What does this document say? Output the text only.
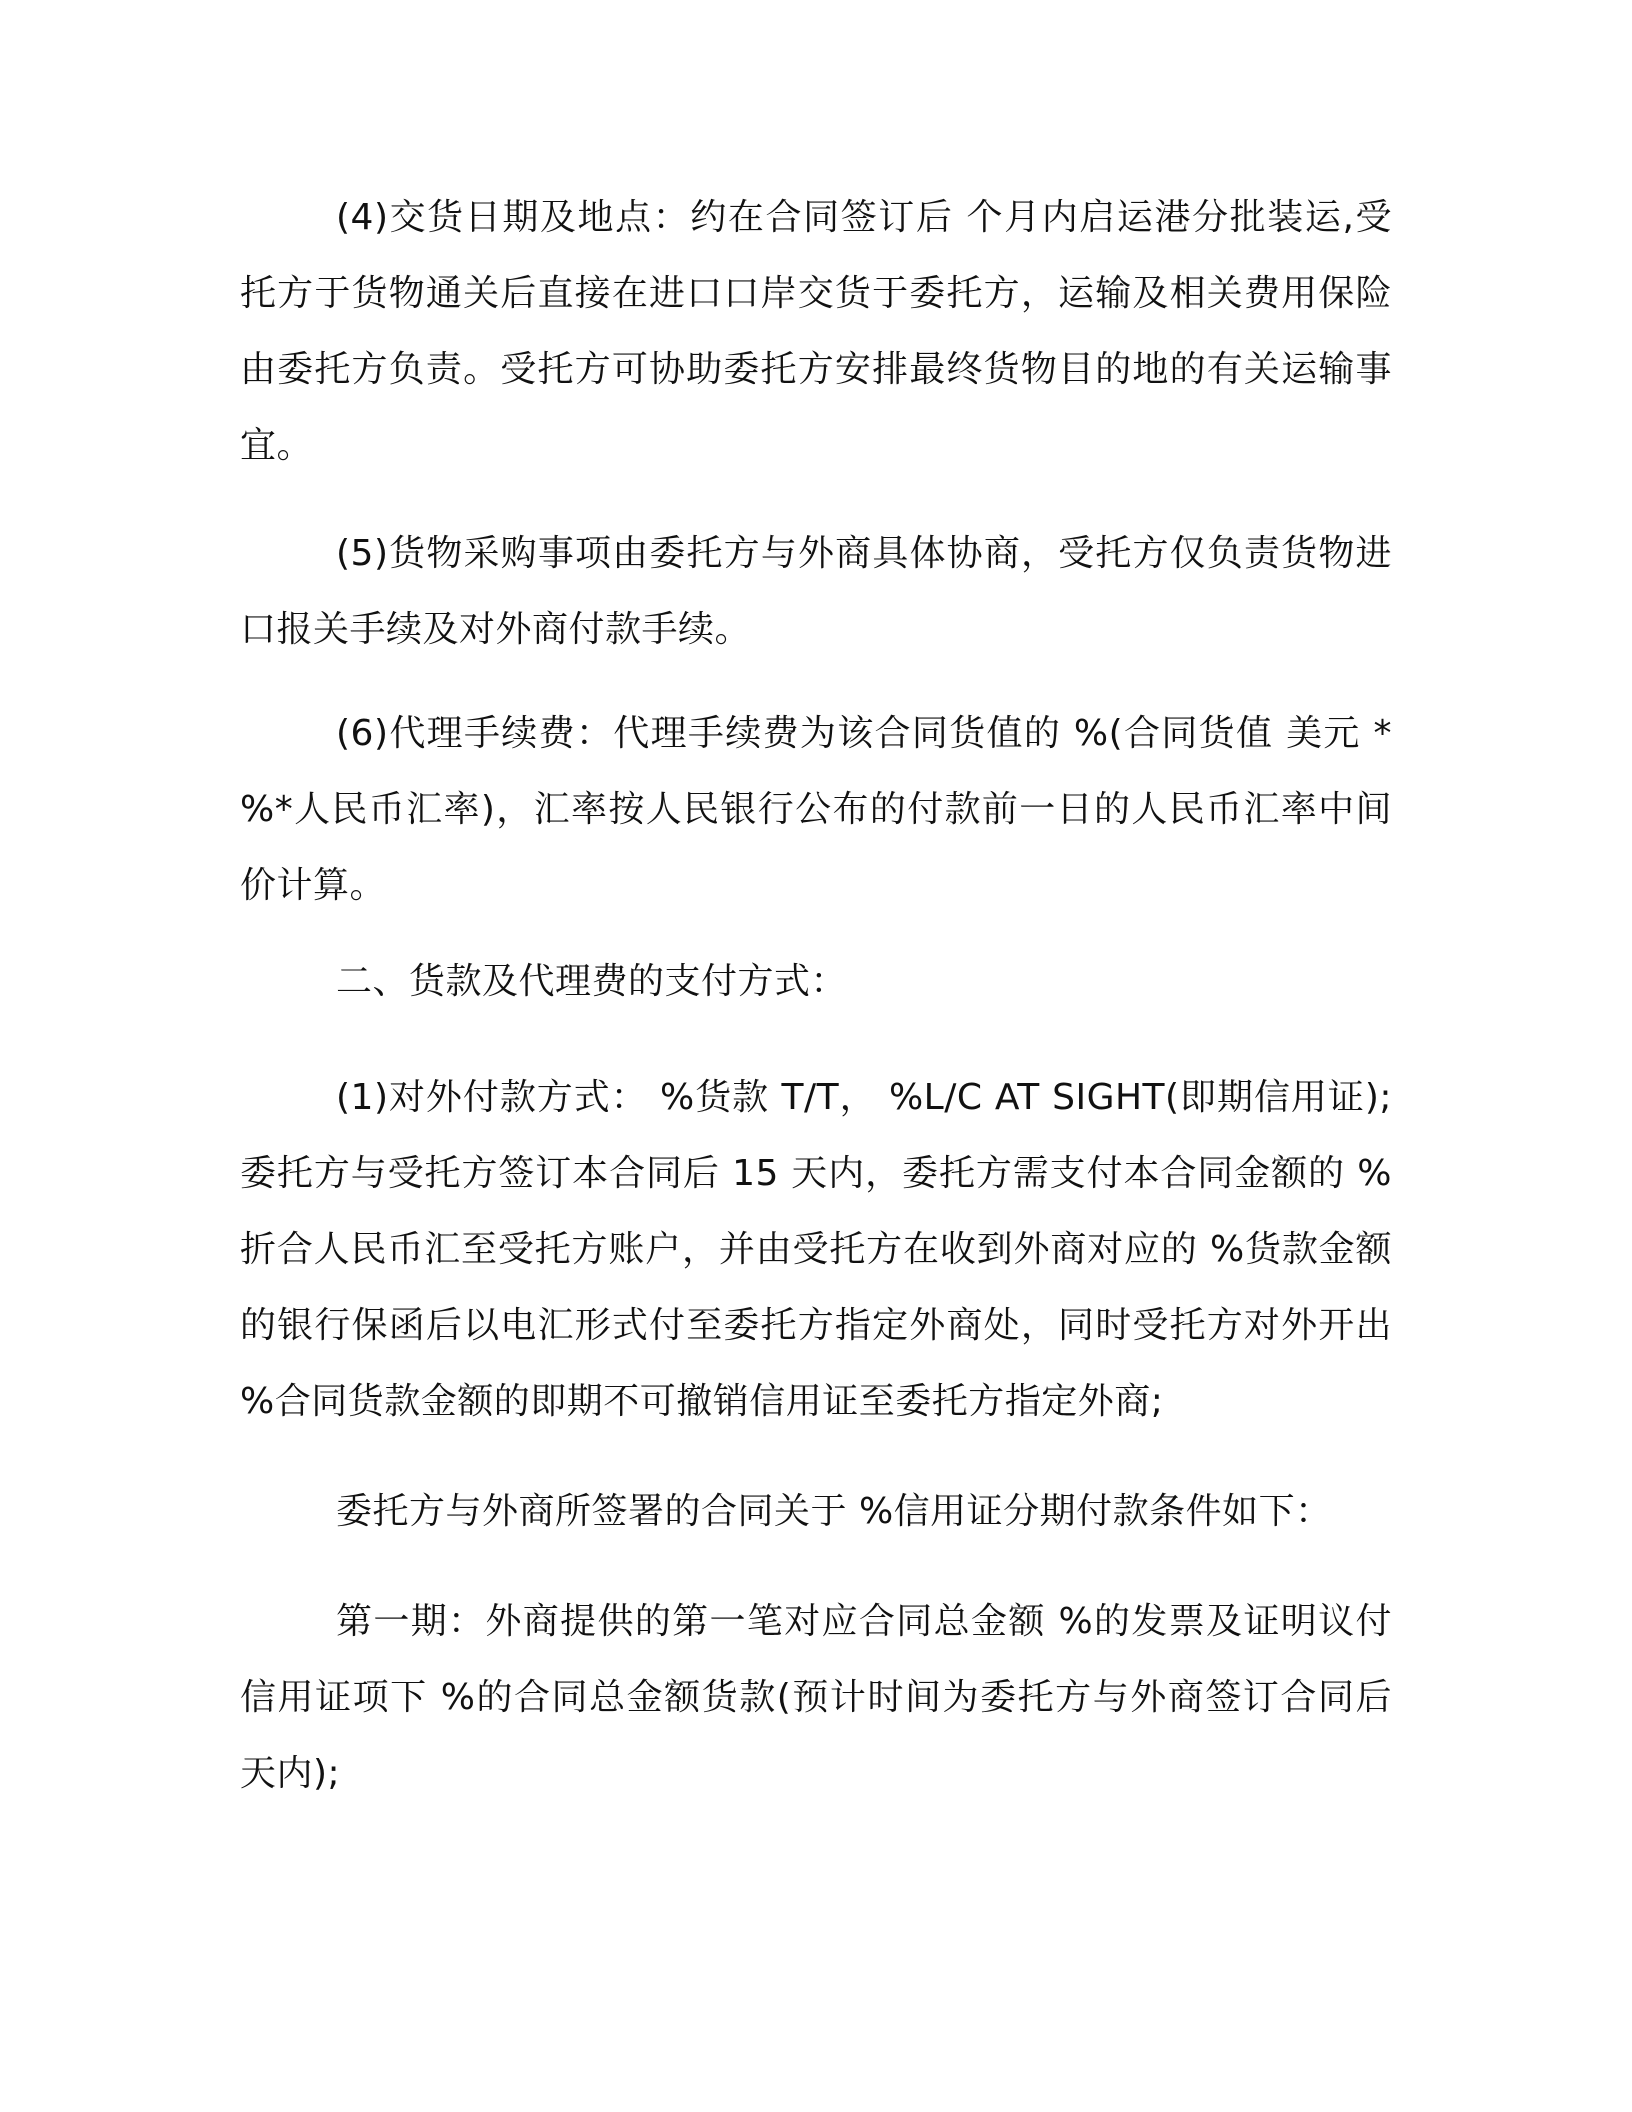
(4)交货日期及地点：约在合同签订后 个月内启运港分批装运,受托方于货物通关后直接在进口口岸交货于委托方，运输及相关费用保险由委托方负责。受托方可协助委托方安排最终货物目的地的有关运输事宜。

(5)货物采购事项由委托方与外商具体协商，受托方仅负责货物进口报关手续及对外商付款手续。

(6)代理手续费：代理手续费为该合同货值的 %(合同货值 美元 * %*人民币汇率)，汇率按人民银行公布的付款前一日的人民币汇率中间价计算。

二、货款及代理费的支付方式：

(1)对外付款方式： %货款 T/T， %L/C AT SIGHT(即期信用证); 委托方与受托方签订本合同后 15 天内，委托方需支付本合同金额的 %折合人民币汇至受托方账户，并由受托方在收到外商对应的 %货款金额的银行保函后以电汇形式付至委托方指定外商处，同时受托方对外开出 %合同货款金额的即期不可撤销信用证至委托方指定外商;

委托方与外商所签署的合同关于 %信用证分期付款条件如下：

第一期：外商提供的第一笔对应合同总金额 %的发票及证明议付信用证项下 %的合同总金额货款(预计时间为委托方与外商签订合同后 天内);
